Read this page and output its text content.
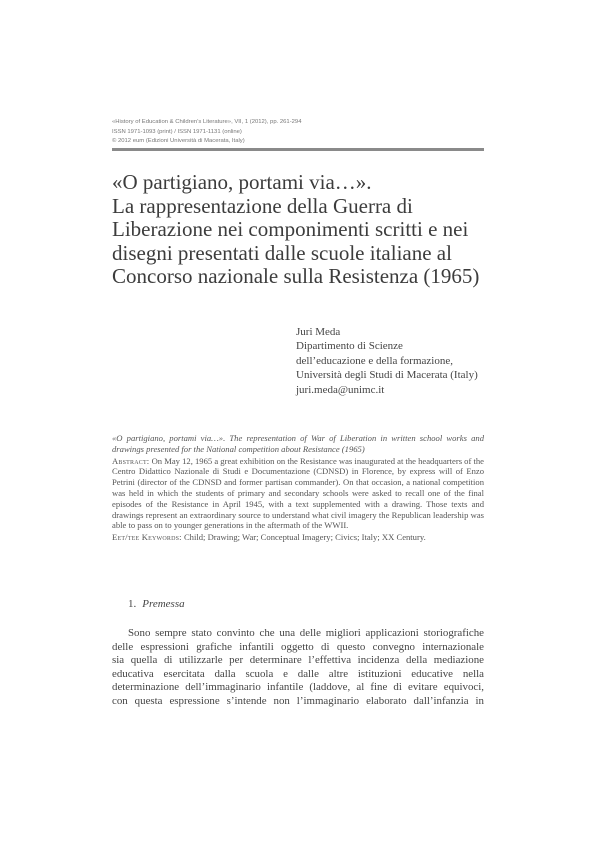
«History of Education & Children’s Literature», VII, 1 (2012), pp. 261-294
ISSN 1971-1093 (print) / ISSN 1971-1131 (online)
© 2012 eum (Edizioni Università di Macerata, Italy)
«O partigiano, portami via…».
La rappresentazione della Guerra di
Liberazione nei componimenti scritti e nei
disegni presentati dalle scuole italiane al
Concorso nazionale sulla Resistenza (1965)
Juri Meda
Dipartimento di Scienze
dell’educazione e della formazione,
Università degli Studi di Macerata (Italy)
juri.meda@unimc.it
«O partigiano, portami via…». The representation of War of Liberation in written school works and drawings presented for the National competition about Resistance (1965)
Abstract: On May 12, 1965 a great exhibition on the Resistance was inaugurated at the headquarters of the Centro Didattico Nazionale di Studi e Documentazione (CDNSD) in Florence, by express will of Enzo Petrini (director of the CDNSD and former partisan commander). On that occasion, a national competition was held in which the students of primary and secondary schools were asked to recall one of the final episodes of the Resistance in April 1945, with a text supplemented with a drawing. Those texts and drawings represent an extraordinary source to understand what civil imagery the Republican leadership was able to pass on to younger generations in the aftermath of the WWII.
Eet/tee Keywords: Child; Drawing; War; Conceptual Imagery; Civics; Italy; XX Century.
1. Premessa
Sono sempre stato convinto che una delle migliori applicazioni storiografiche
delle espressioni grafiche infantili oggetto di questo convegno internazionale
sia quella di utilizzarle per determinare l’effettiva incidenza della mediazione
educativa esercitata dalla scuola e dalle altre istituzioni educative nella
determinazione dell’immaginario infantile (laddove, al fine di evitare equivoci,
con questa espressione s’intende non l’immaginario elaborato dall’infanzia in
